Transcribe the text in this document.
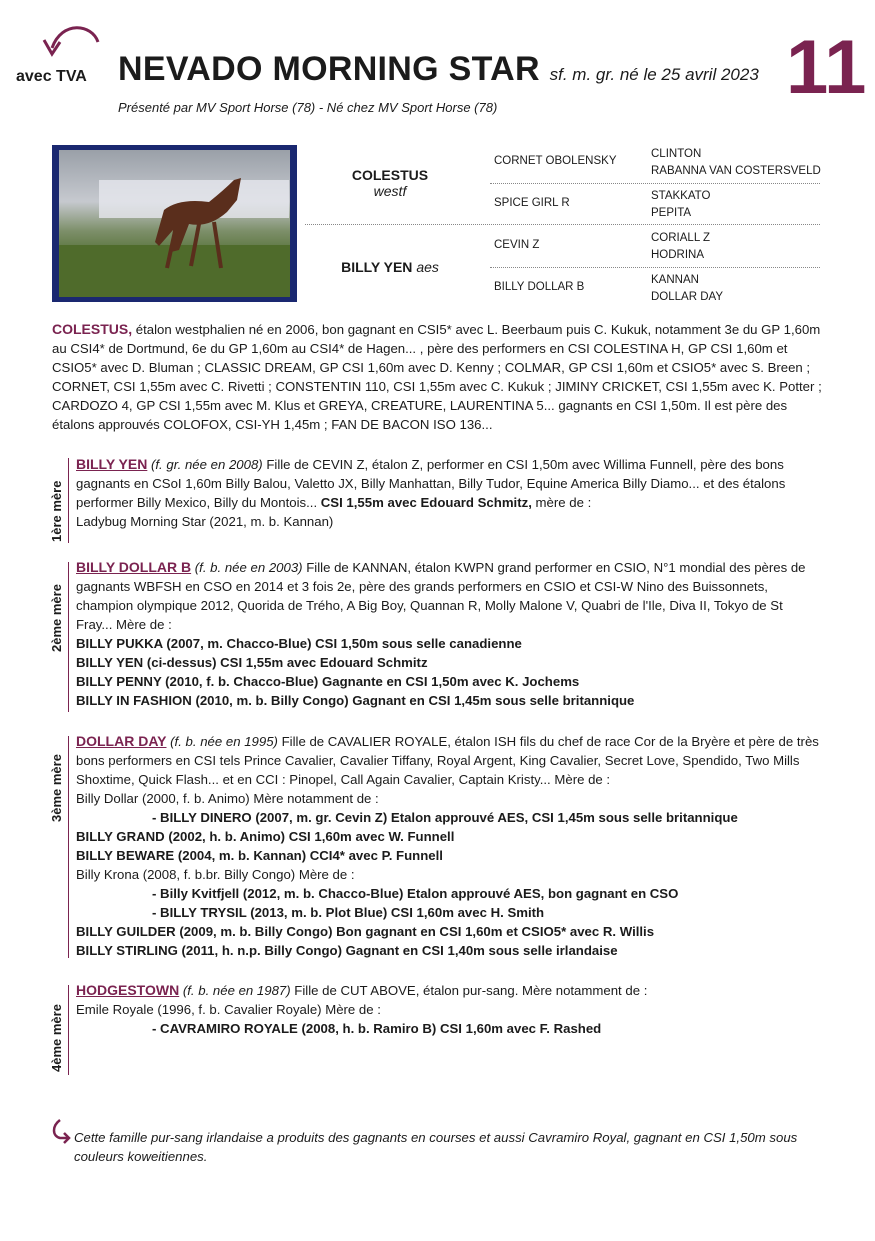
avec TVA NEVADO MORNING STAR sf. m. gr. né le 25 avril 2023 11
Présenté par MV Sport Horse (78) - Né chez MV Sport Horse (78)
COLESTUS
westf
BILLY YEN aes
CORNET OBOLENSKY
SPICE GIRL R
CEVIN Z
BILLY DOLLAR B
CLINTON
RABANNA VAN COSTERSVELD
STAKKATO
PEPITA
CORIALL Z
HODRINA
KANNAN
DOLLAR DAY
COLESTUS, étalon westphalien né en 2006, bon gagnant en CSI5* avec L. Beerbaum puis C. Kukuk, notamment 3e du GP 1,60m au CSI4* de Dortmund, 6e du GP 1,60m au CSI4* de Hagen... , père des performers en CSI COLESTINA H, GP CSI 1,60m et CSIO5* avec D. Bluman ; CLASSIC DREAM, GP CSI 1,60m avec D. Kenny ; COLMAR, GP CSI 1,60m et CSIO5* avec S. Breen ; CORNET, CSI 1,55m avec C. Rivetti ; CONSTENTIN 110, CSI 1,55m avec C. Kukuk ; JIMINY CRICKET, CSI 1,55m avec K. Potter ; CARDOZO 4, GP CSI 1,55m avec M. Klus et GREYA, CREATURE, LAURENTINA 5... gagnants en CSI 1,50m. Il est père des étalons approuvés COLOFOX, CSI-YH 1,45m ; FAN DE BACON ISO 136...
1ère mère
BILLY YEN (f. gr. née en 2008) Fille de CEVIN Z, étalon Z, performer en CSI 1,50m avec Willima Funnell, père des bons gagnants en CSoI 1,60m Billy Balou, Valetto JX, Billy Manhattan, Billy Tudor, Equine America Billy Diamo... et des étalons performer Billy Mexico, Billy du Montois... CSI 1,55m avec Edouard Schmitz, mère de :
Ladybug Morning Star (2021, m. b. Kannan)
2ème mère
BILLY DOLLAR B (f. b. née en 2003) Fille de KANNAN, étalon KWPN grand performer en CSIO, N°1 mondial des pères de gagnants WBFSH en CSO en 2014 et 3 fois 2e, père des grands performers en CSIO et CSI-W Nino des Buissonnets, champion olympique 2012, Quorida de Trého, A Big Boy, Quannan R, Molly Malone V, Quabri de l'Ile, Diva II, Tokyo de St Fray... Mère de :
BILLY PUKKA (2007, m. Chacco-Blue) CSI 1,50m sous selle canadienne
BILLY YEN (ci-dessus) CSI 1,55m avec Edouard Schmitz
BILLY PENNY (2010, f. b. Chacco-Blue) Gagnante en CSI 1,50m avec K. Jochems
BILLY IN FASHION (2010, m. b. Billy Congo) Gagnant en CSI 1,45m sous selle britannique
3ème mère
DOLLAR DAY (f. b. née en 1995) Fille de CAVALIER ROYALE, étalon ISH fils du chef de race Cor de la Bryère et père de très bons performers en CSI tels Prince Cavalier, Cavalier Tiffany, Royal Argent, King Cavalier, Secret Love, Spendido, Two Mills Shoxtime, Quick Flash... et en CCI : Pinopel, Call Again Cavalier, Captain Kristy... Mère de :
Billy Dollar (2000, f. b. Animo) Mère notamment de :
- BILLY DINERO (2007, m. gr. Cevin Z) Etalon approuvé AES, CSI 1,45m sous selle britannique
BILLY GRAND (2002, h. b. Animo) CSI 1,60m avec W. Funnell
BILLY BEWARE (2004, m. b. Kannan) CCI4* avec P. Funnell
Billy Krona (2008, f. b.br. Billy Congo) Mère de :
- Billy Kvitfjell (2012, m. b. Chacco-Blue) Etalon approuvé AES, bon gagnant en CSO
- BILLY TRYSIL (2013, m. b. Plot Blue) CSI 1,60m avec H. Smith
BILLY GUILDER (2009, m. b. Billy Congo) Bon gagnant en CSI 1,60m et CSIO5* avec R. Willis
BILLY STIRLING (2011, h. n.p. Billy Congo) Gagnant en CSI 1,40m sous selle irlandaise
4ème mère
HODGESTOWN (f. b. née en 1987) Fille de CUT ABOVE, étalon pur-sang. Mère notamment de :
Emile Royale (1996, f. b. Cavalier Royale) Mère de :
- CAVRAMIRO ROYALE (2008, h. b. Ramiro B) CSI 1,60m avec F. Rashed
Cette famille pur-sang irlandaise a produits des gagnants en courses et aussi Cavramiro Royal, gagnant en CSI 1,50m sous couleurs koweitiennes.
